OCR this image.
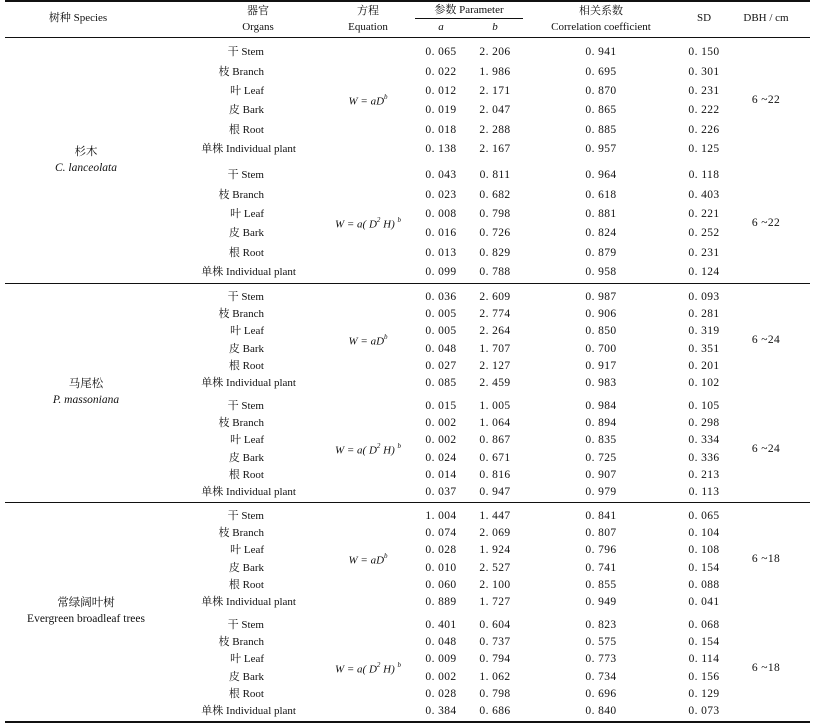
树种 Species
器官
Organs
方程
Equation
参数 Parameter
a	b
相关系数
Correlation coefficient
SD	DBH / cm
杉木
C. lanceolata
干 Stem	0. 065 2. 206	0. 941	0. 150
枝 Branch	0. 022 1. 986	0. 695	0. 301
叶 Leaf	0. 012 2. 171	0. 870	0. 231
皮 Bark	0. 019 2. 047	0. 865	0. 222
根 Root	0. 018 2. 288	0. 885	0. 226
单株 Individual plant	0. 138 2. 167	0. 957	0. 125
$W = aD^b$	6 ~22
干 Stem	0. 043 0. 811	0. 964	0. 118
枝 Branch	0. 023 0. 682	0. 618	0. 403
叶 Leaf	0. 008 0. 798	0. 881	0. 221
皮 Bark	0. 016 0. 726	0. 824	0. 252
根 Root	0. 013 0. 829	0. 879	0. 231
单株 Individual plant	0. 099 0. 788	0. 958	0. 124
W = a( $D^2$ H) $^b$	6 ~22
马尾松
P. massoniana
干 Stem	0. 036 2. 609	0. 987	0. 093
枝 Branch	0. 005 2. 774	0. 906	0. 281
叶 Leaf	0. 005 2. 264	0. 850	0. 319
皮 Bark	0. 048 1. 707	0. 700	0. 351
根 Root	0. 027 2. 127	0. 917	0. 201
单株 Individual plant	0. 085 2. 459	0. 983	0. 102
$W = aD^b$	6 ~24
干 Stem	0. 015 1. 005	0. 984	0. 105
枝 Branch	0. 002 1. 064	0. 894	0. 298
叶 Leaf	0. 002 0. 867	0. 835	0. 334
皮 Bark	0. 024 0. 671	0. 725	0. 336
根 Root	0. 014 0. 816	0. 907	0. 213
单株 Individual plant	0. 037 0. 947	0. 979	0. 113
W = a( $D^2$ H) $^b$	6 ~24
常绿阔叶树
Evergreen broadleaf trees
干 Stem	1. 004 1. 447	0. 841	0. 065
枝 Branch	0. 074 2. 069	0. 807	0. 104
叶 Leaf	0. 028 1. 924	0. 796	0. 108
皮 Bark	0. 010 2. 527	0. 741	0. 154
根 Root	0. 060 2. 100	0. 855	0. 088
单株 Individual plant	0. 889 1. 727	0. 949	0. 041
$W = aD^b$	6 ~18
干 Stem	0. 401 0. 604	0. 823	0. 068
枝 Branch	0. 048 0. 737	0. 575	0. 154
叶 Leaf	0. 009 0. 794	0. 773	0. 114
皮 Bark	0. 002 1. 062	0. 734	0. 156
根 Root	0. 028 0. 798	0. 696	0. 129
单株 Individual plant	0. 384 0. 686	0. 840	0. 073
W = a( $D^2$ H) $^b$	6 ~18
